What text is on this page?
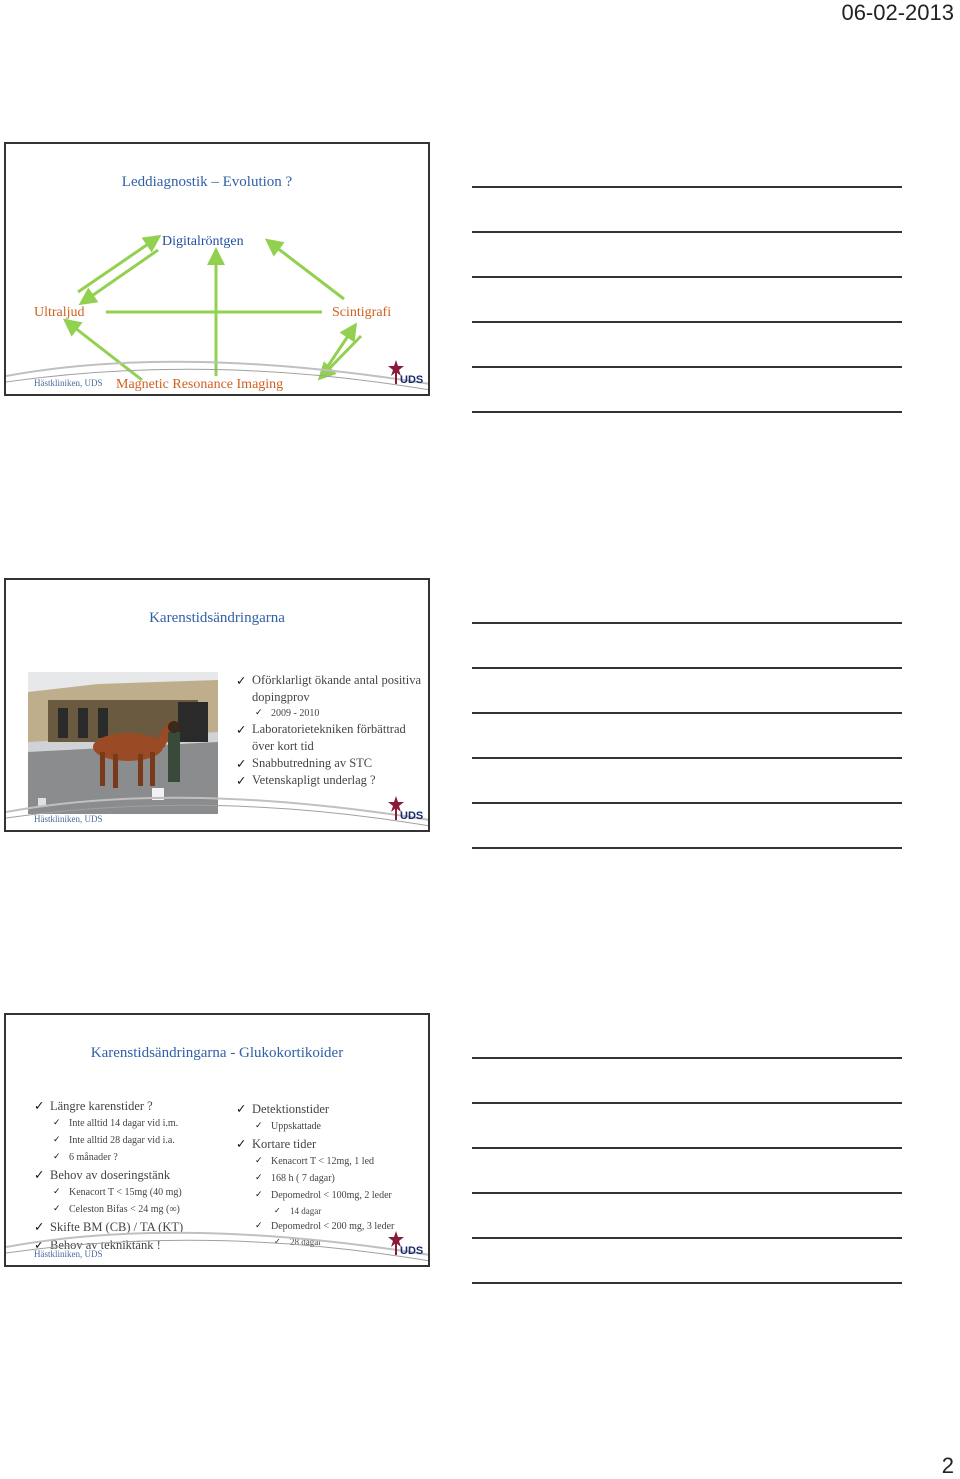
06-02-2013
Leddiagnostik – Evolution ?
Digitalröntgen
Ultraljud	Scintigrafi
Magnetic Resonance Imaging	UDS
Hästkliniken, UDS
Karenstidsändringarna
✓ Oförklarligt ökande antal positiva dopingprov
✓ 2009 - 2010
✓ Laboratorietekniken förbättrad över kort tid
✓ Snabbutredning av STC
✓ Vetenskapligt underlag ?
UDS
Hästkliniken, UDS
Karenstidsändringarna - Glukokortikoider
✓ Längre karenstider ?
✓ Inte alltid 14 dagar vid i.m.
✓ Inte alltid 28 dagar vid i.a.
✓ 6 månader ?
✓ Behov av doseringstänk
✓ Kenacort T < 15mg (40 mg)
✓ Celeston Bifas < 24 mg (∞)
✓ Skifte BM (CB) / TA (KT)
✓ Behov av tekniktänk !
✓ Detektionstider
✓ Uppskattade
✓ Kortare tider
✓ Kenacort T < 12mg, 1 led
✓ 168 h ( 7 dagar)
✓ Depomedrol < 100mg, 2 leder
✓ 14 dagar
✓ Depomedrol < 200 mg, 3 leder
✓ 28 dagar
UDS
Hästkliniken, UDS
2
